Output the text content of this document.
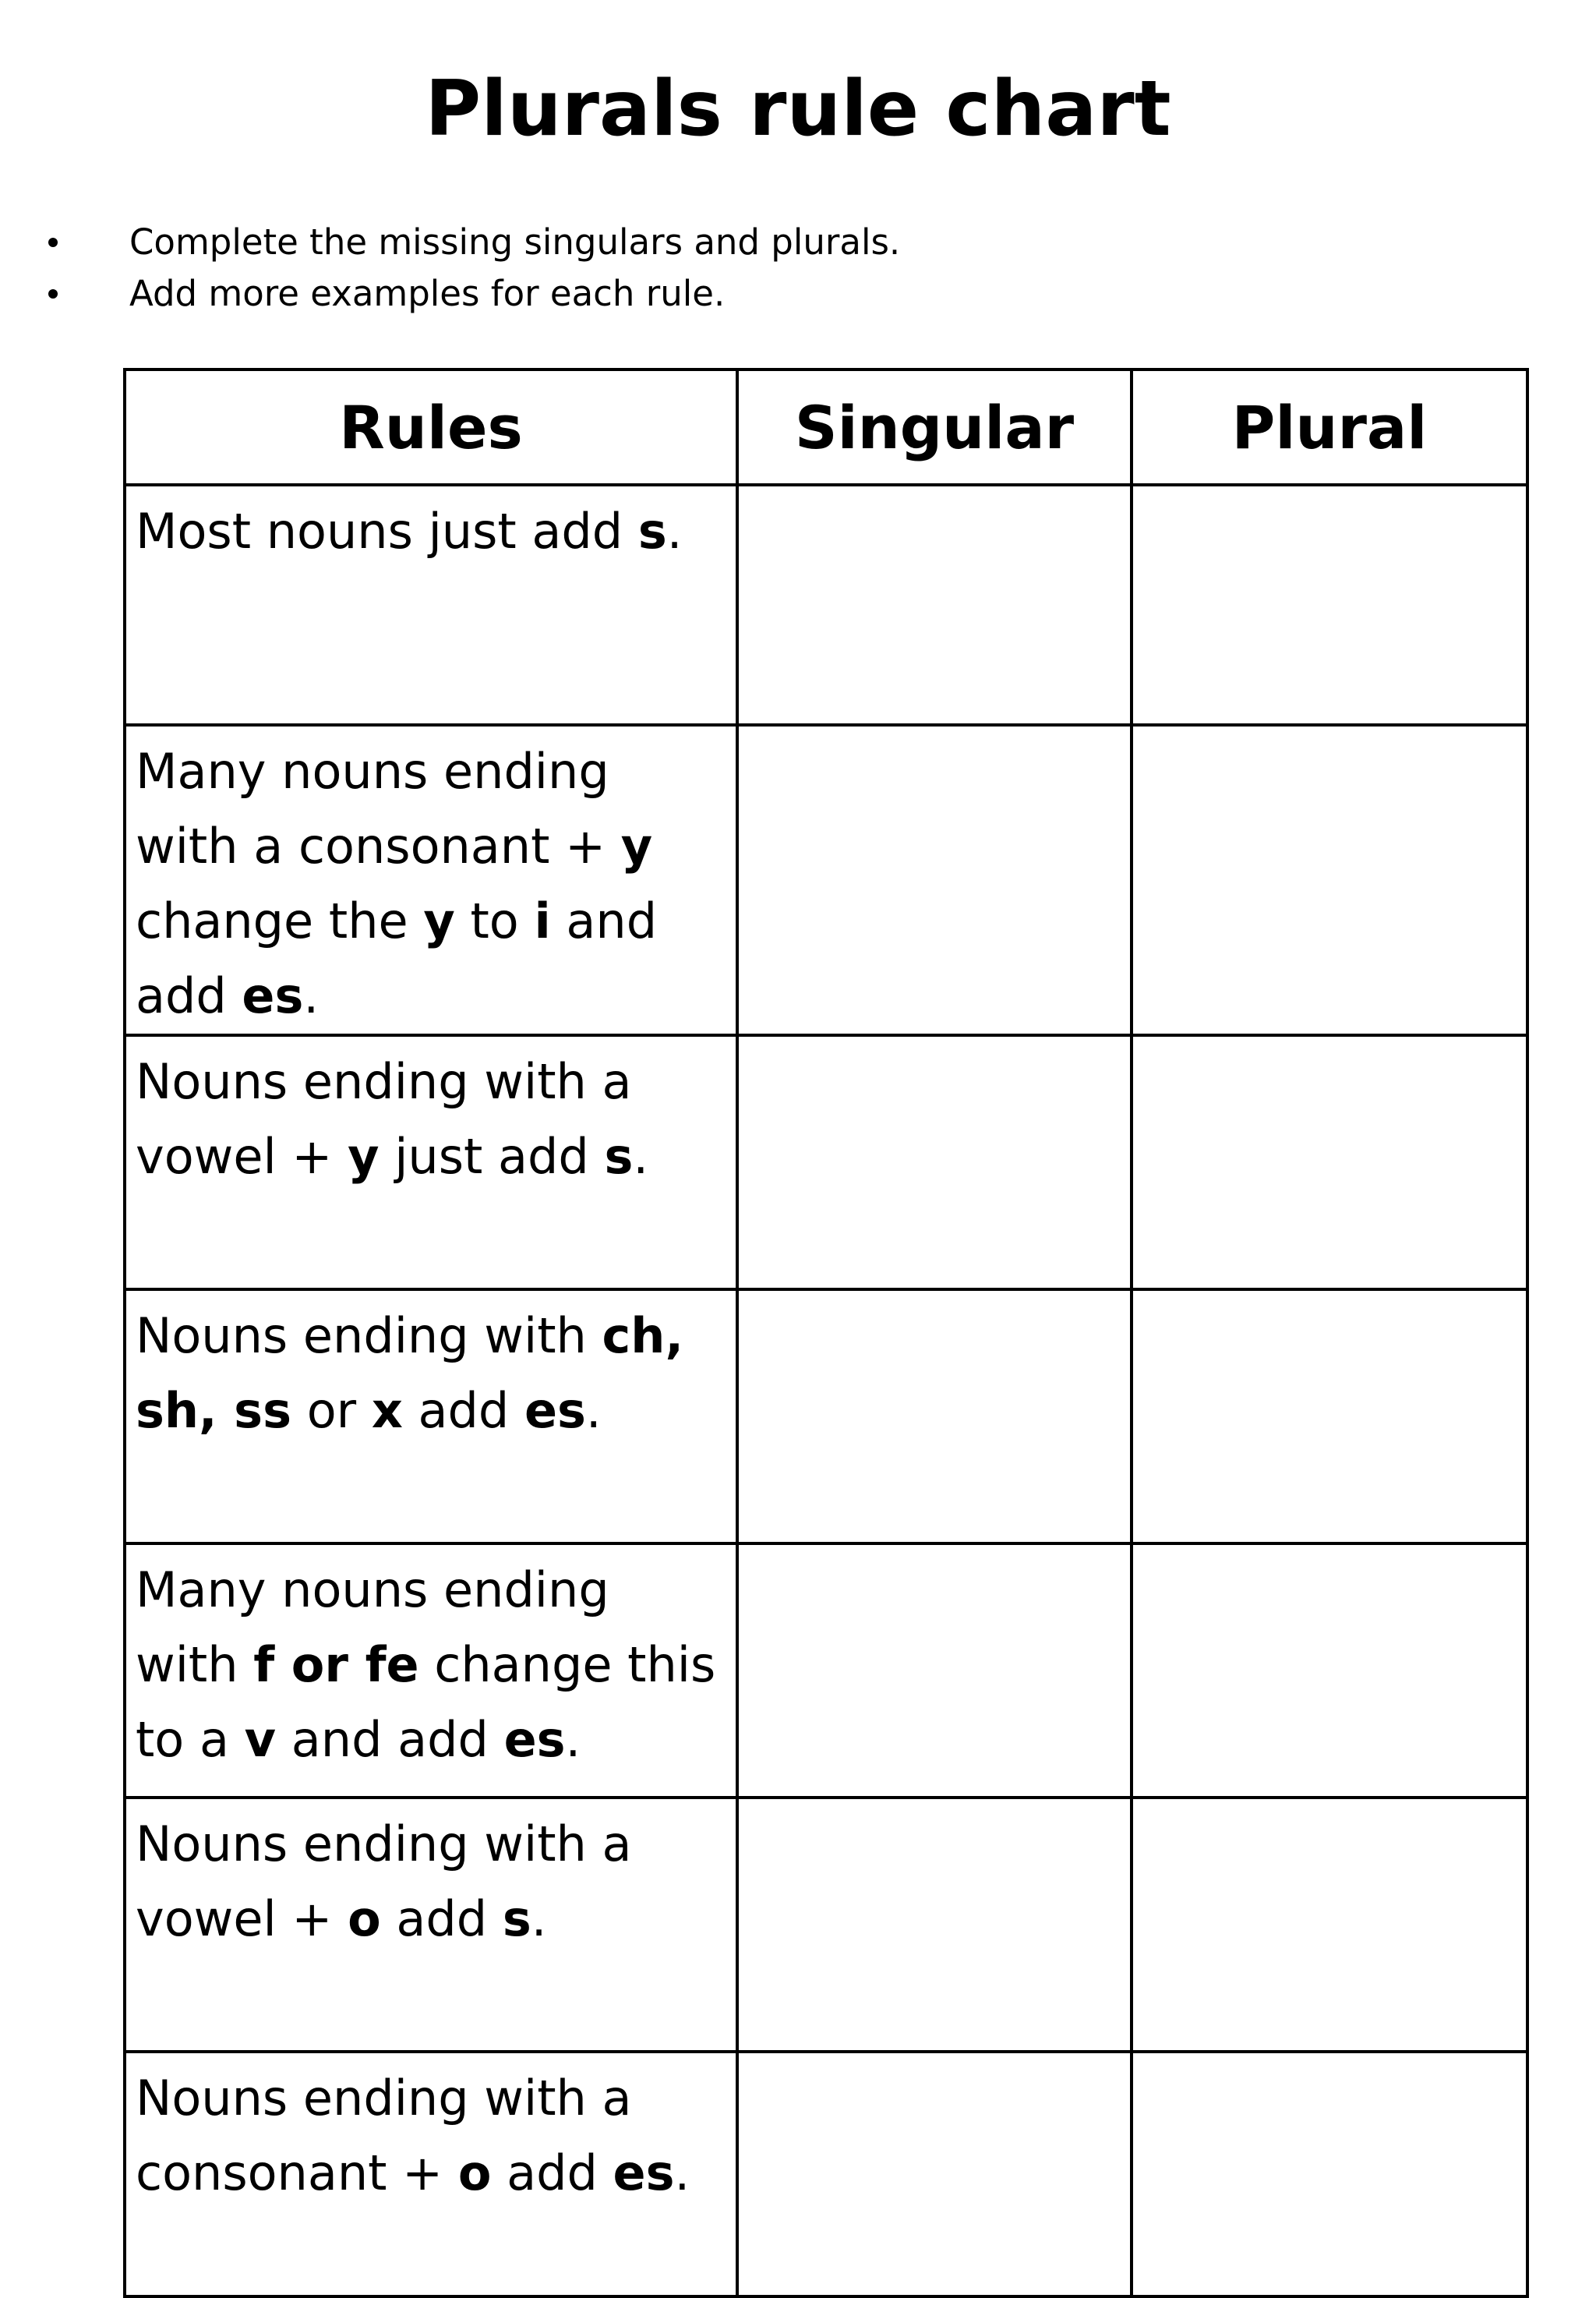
Plurals rule chart
Complete the missing singulars and plurals.
Add more examples for each rule.
Rules	Singular	Plural
Most nouns just add s.		
Many nouns ending with a consonant + y change the y to i and add es.		
Nouns ending with a vowel + y just add s.		
Nouns ending with ch, sh, ss or x add es.		
Many nouns ending with f or fe change this to a v and add es.		
Nouns ending with a vowel + o add s.		
Nouns ending with a consonant + o add es.		
